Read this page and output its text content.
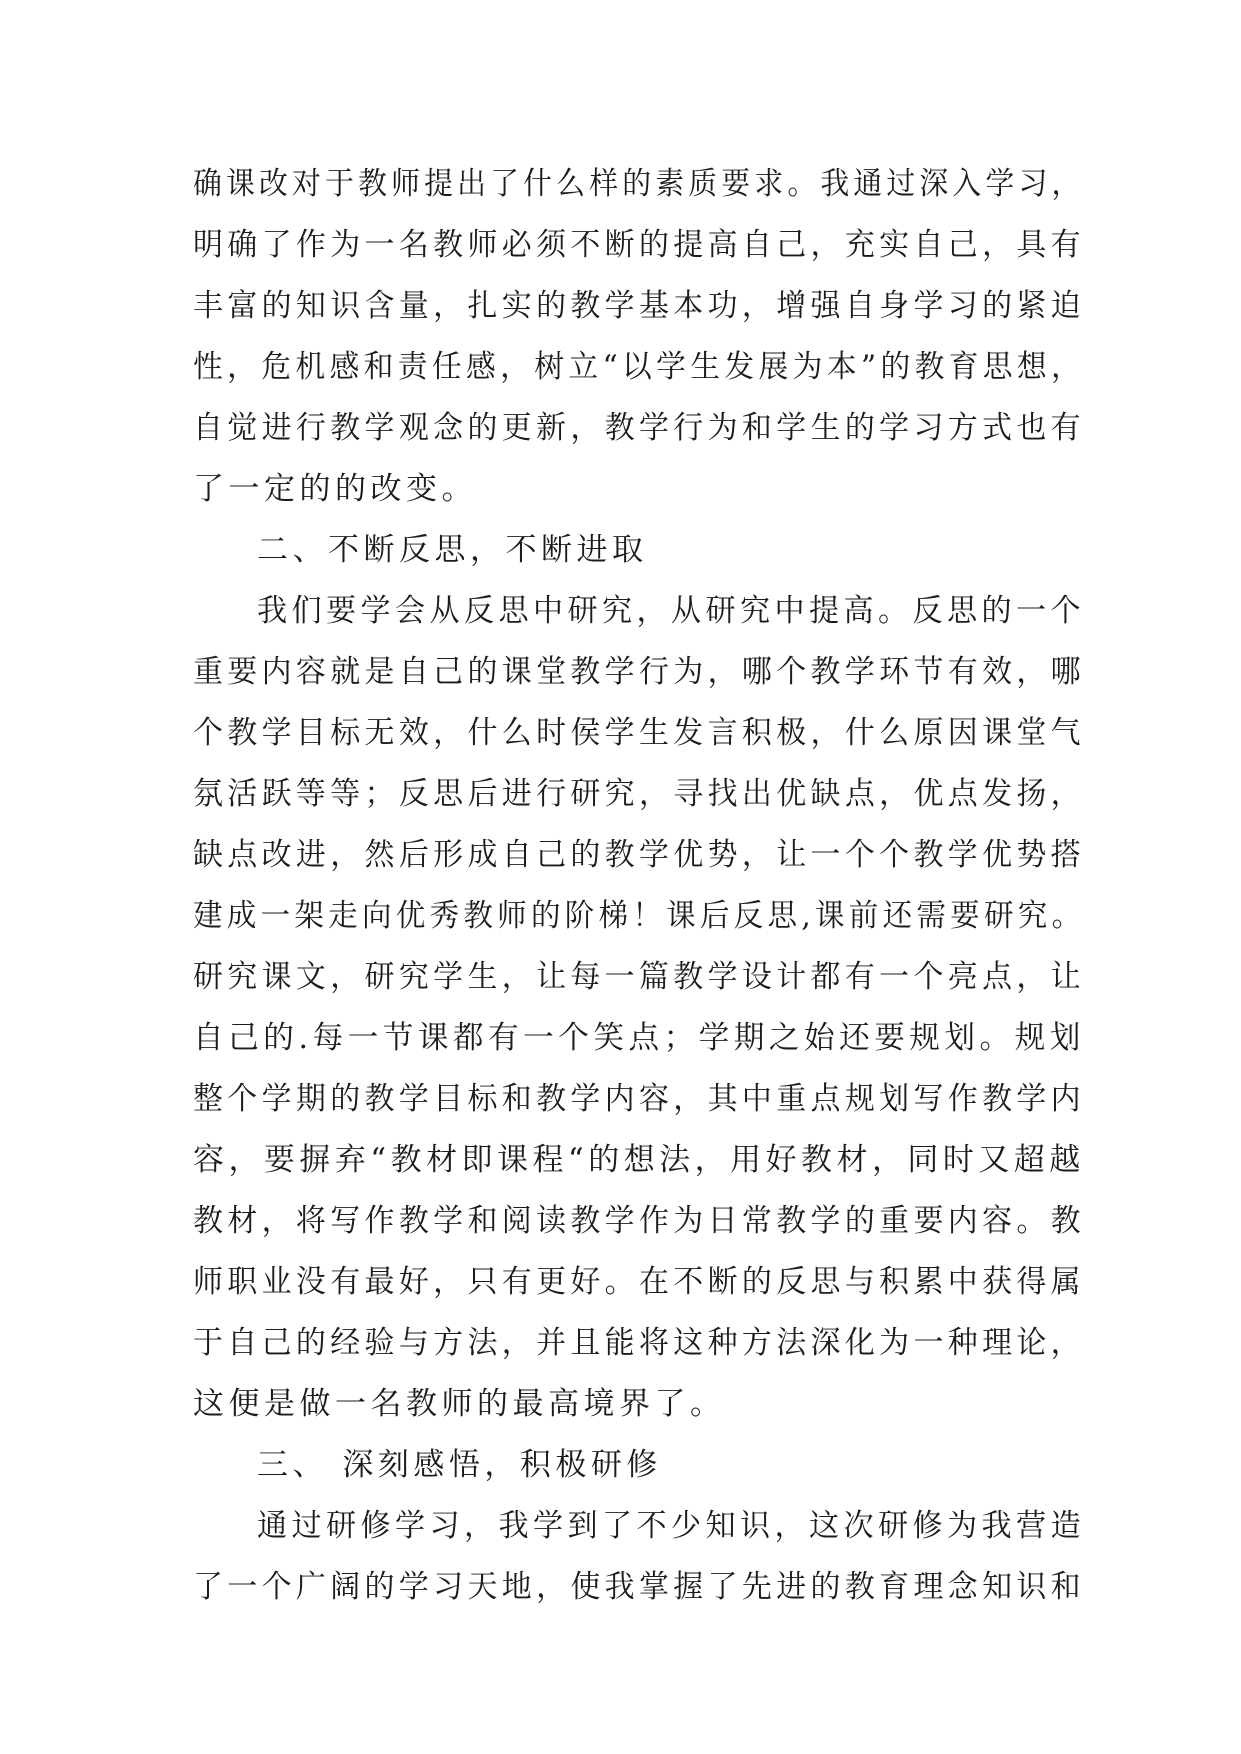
确课改对于教师提出了什么样的素质要求。我通过深入学习，
明确了作为一名教师必须不断的提高自己，充实自己，具有
丰富的知识含量，扎实的教学基本功，增强自身学习的紧迫
性，危机感和责任感，树立“以学生发展为本”的教育思想，
自觉进行教学观念的更新，教学行为和学生的学习方式也有
了一定的的改变。
二、不断反思，不断进取
我们要学会从反思中研究，从研究中提高。反思的一个
重要内容就是自己的课堂教学行为，哪个教学环节有效，哪
个教学目标无效，什么时侯学生发言积极，什么原因课堂气
氛活跃等等；反思后进行研究，寻找出优缺点，优点发扬，
缺点改进，然后形成自己的教学优势，让一个个教学优势搭
建成一架走向优秀教师的阶梯！课后反思,课前还需要研究。
研究课文，研究学生，让每一篇教学设计都有一个亮点，让
自己的.每一节课都有一个笑点；学期之始还要规划。规划
整个学期的教学目标和教学内容，其中重点规划写作教学内
容，要摒弃“教材即课程“的想法，用好教材，同时又超越
教材，将写作教学和阅读教学作为日常教学的重要内容。教
师职业没有最好，只有更好。在不断的反思与积累中获得属
于自己的经验与方法，并且能将这种方法深化为一种理论，
这便是做一名教师的最高境界了。
三、 深刻感悟，积极研修
通过研修学习，我学到了不少知识，这次研修为我营造
了一个广阔的学习天地，使我掌握了先进的教育理念知识和
